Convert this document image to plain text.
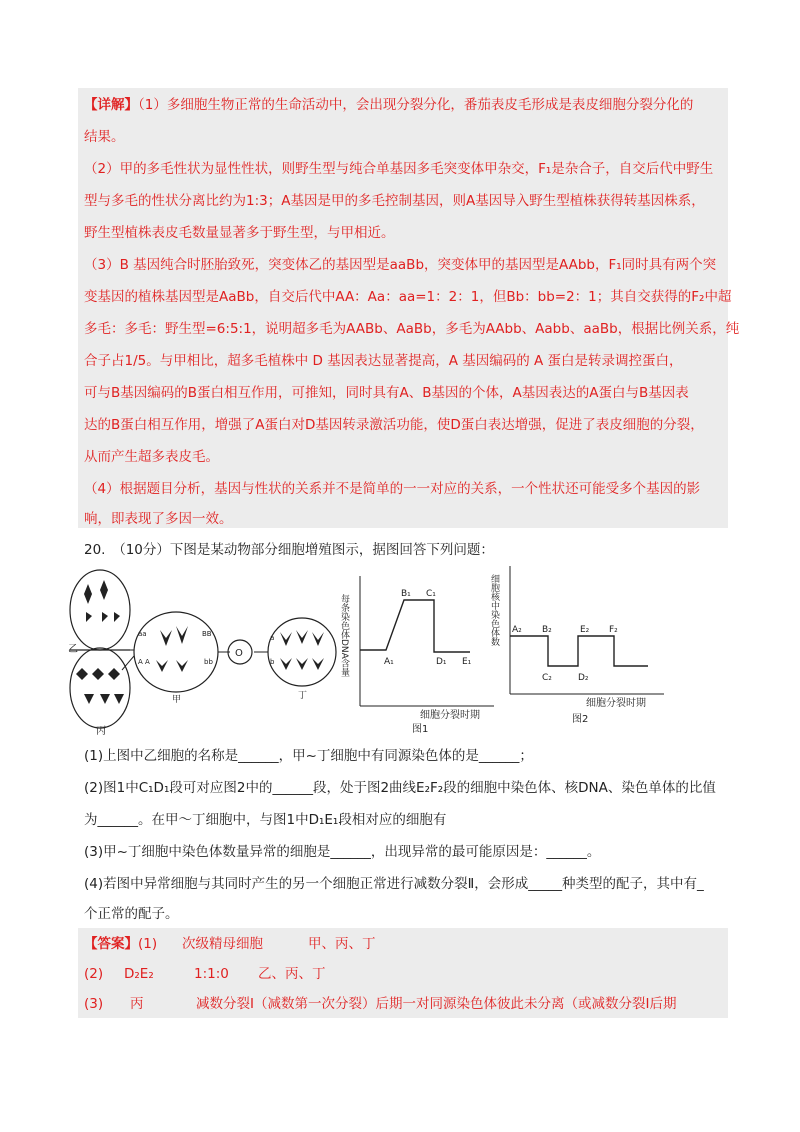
【详解】（1）多细胞生物正常的生命活动中，会出现分裂分化，番茄表皮毛形成是表皮细胞分裂分化的
结果。
（2）甲的多毛性状为显性性状，则野生型与纯合单基因多毛突变体甲杂交，F₁是杂合子，自交后代中野生
型与多毛的性状分离比约为1:3；A基因是甲的多毛控制基因，则A基因导入野生型植株获得转基因株系，
野生型植株表皮毛数量显著多于野生型，与甲相近。
（3）B 基因纯合时胚胎致死，突变体乙的基因型是aaBb，突变体甲的基因型是AAbb，F₁同时具有两个突
变基因的植株基因型是AaBb，自交后代中AA：Aa：aa=1：2：1，但Bb：bb=2：1；其自交获得的F₂中超
多毛：多毛：野生型=6:5:1，说明超多毛为AABb、AaBb，多毛为AAbb、Aabb、aaBb，根据比例关系，纯
合子占1/5。与甲相比，超多毛植株中 D 基因表达显著提高，A 基因编码的 A 蛋白是转录调控蛋白，
可与B基因编码的B蛋白相互作用，可推知，同时具有A、B基因的个体，A基因表达的A蛋白与B基因表
达的B蛋白相互作用，增强了A蛋白对D基因转录激活功能，使D蛋白表达增强，促进了表皮细胞的分裂，
从而产生超多表皮毛。
（4）根据题目分析，基因与性状的关系并不是简单的一一对应的关系，一个性状还可能受多个基因的影
响，即表现了多因一效。
20.　（10分）下图是某动物部分细胞增殖图示，据图回答下列问题：
乙
丙
aa	BB
A A	bb
甲
O
a
b
丁
每条染色体DNA含量
细胞分裂时期
图1
A₁
B₁ C₁
D₁ E₁
细胞核中染色体数
细胞分裂时期
图2
A₂ B₂
C₂	D₂
E₂ F₂
(1)上图中乙细胞的名称是______，甲~丁细胞中有同源染色体的是______；
(2)图1中C₁D₁段可对应图2中的______段，处于图2曲线E₂F₂段的细胞中染色体、核DNA、染色单体的比值
为______。在甲～丁细胞中，与图1中D₁E₁段相对应的细胞有
(3)甲~丁细胞中染色体数量异常的细胞是______，出现异常的最可能原因是：______。
(4)若图中异常细胞与其同时产生的另一个细胞正常进行减数分裂Ⅱ，会形成_____种类型的配子，其中有_
个正常的配子。
【答案】(1) 次级精母细胞	甲、丙、丁
(2) D₂E₂	1:1:0 乙、丙、丁
(3) 丙	减数分裂Ⅰ（减数第一次分裂）后期一对同源染色体彼此未分离（或减数分裂Ⅰ后期
